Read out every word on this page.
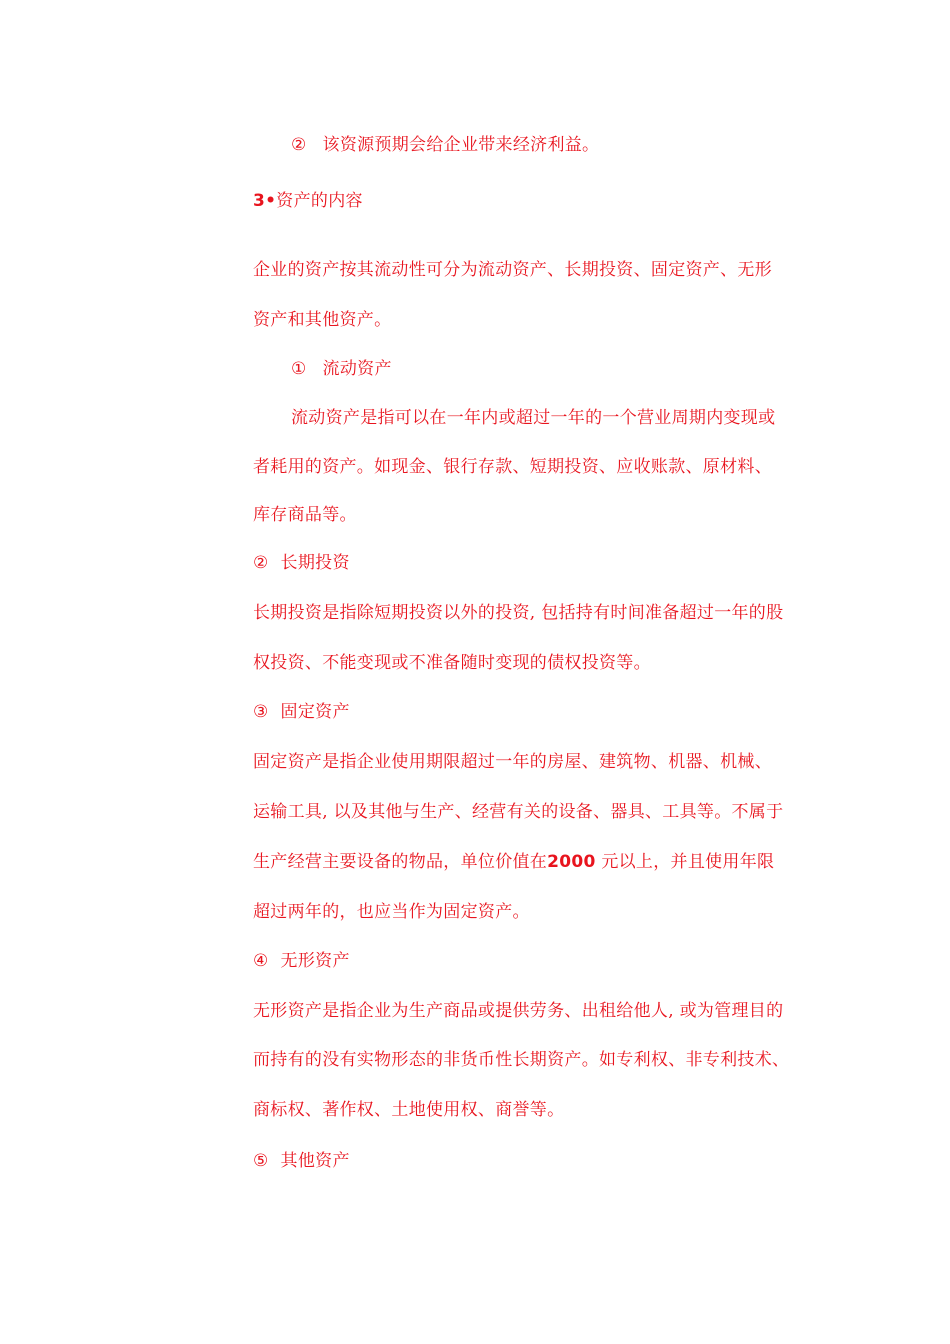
② 该资源预期会给企业带来经济利益。
3•资产的内容
企业的资产按其流动性可分为流动资产、长期投资、固定资产、无形
资产和其他资产。
① 流动资产
流动资产是指可以在一年内或超过一年的一个营业周期内变现或
者耗用的资产。如现金、银行存款、短期投资、应收账款、原材料、
库存商品等。
② 长期投资
长期投资是指除短期投资以外的投资, 包括持有时间准备超过一年的股
权投资、不能变现或不准备随时变现的债权投资等。
③ 固定资产
固定资产是指企业使用期限超过一年的房屋、建筑物、机器、机械、
运输工具, 以及其他与生产、经营有关的设备、器具、工具等。不属于
生产经营主要设备的物品，单位价值在2000 元以上，并且使用年限
超过两年的，也应当作为固定资产。
④ 无形资产
无形资产是指企业为生产商品或提供劳务、出租给他人, 或为管理目的
而持有的没有实物形态的非货币性长期资产。如专利权、非专利技术、
商标权、著作权、土地使用权、商誉等。
⑤ 其他资产
